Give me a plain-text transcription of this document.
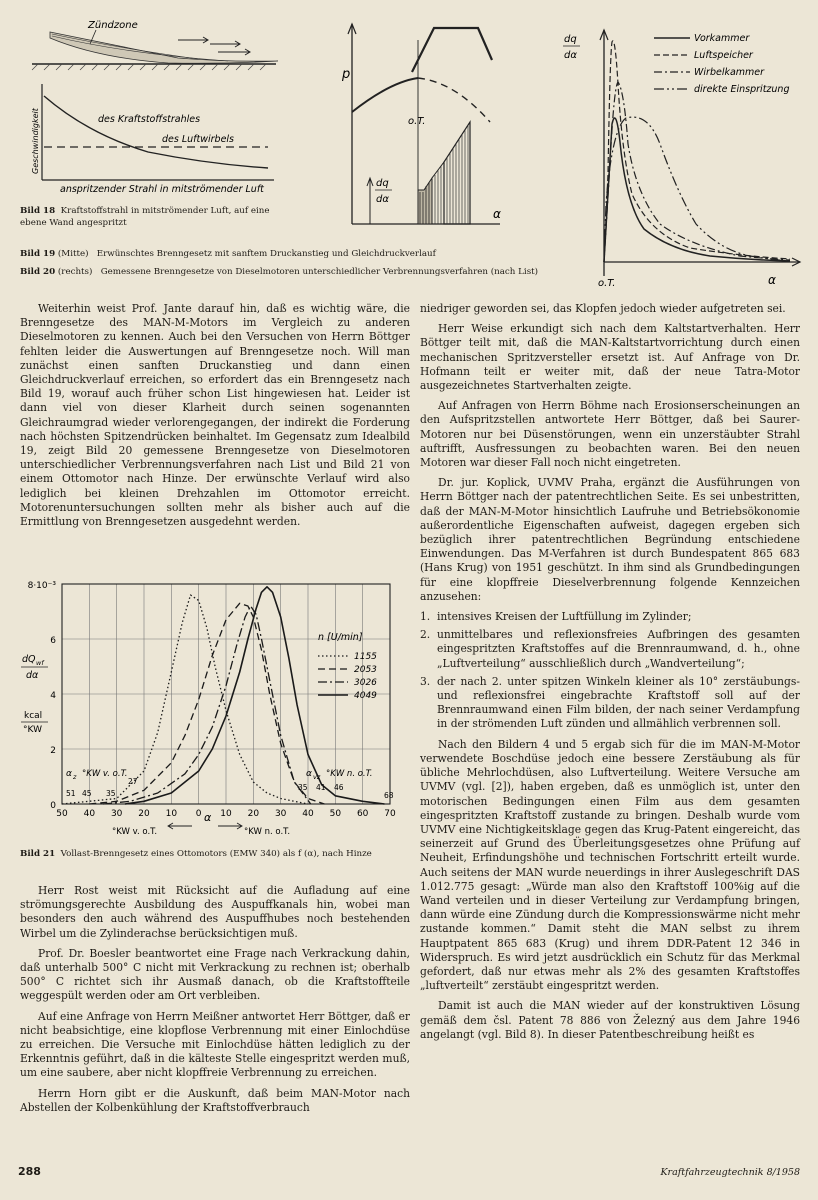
Zündzone
Geschwindigkeit	des Kraftstoffstrahles
des Luftwirbels
anspritzender Strahl in mitströmender Luft
Bild 18 Kraftstoffstrahl in mitströmender Luft, auf eine ebene Wand angespritzt
p
o.T.
dq
dα
α
dq
dα
o.T.	α
Vorkammer
Luftspeicher
Wirbelkammer
direkte Einspritzung
Bild 19 (Mitte) Erwünschtes Brenngesetz mit sanftem Druckanstieg und Gleichdruckverlauf
Bild 20 (rechts) Gemessene Brenngesetze von Dieselmotoren unterschiedlicher Verbrennungsverfahren (nach List)

Weiterhin weist Prof. Jante darauf hin, daß es wichtig wäre, die Brenngesetze des MAN-M-Motors im Vergleich zu anderen Dieselmotoren zu kennen. Auch bei den Versuchen von Herrn Böttger fehlten leider die Auswertungen auf Brenngesetze noch. Will man zunächst einen sanften Druckanstieg und dann einen Gleichdruckverlauf erreichen, so erfordert das ein Brenngesetz nach Bild 19, worauf auch früher schon List hingewiesen hat. Leider ist dann viel von dieser Klarheit durch seinen sogenannten Gleichraumgrad wieder verlorengegangen, der indirekt die Forderung nach höchsten Spitzendrücken beinhaltet. Im Gegensatz zum Idealbild 19, zeigt Bild 20 gemessene Brenngesetze von Dieselmotoren unterschiedlicher Verbrennungsverfahren nach List und Bild 21 von einem Ottomotor nach Hinze. Der erwünschte Verlauf wird also lediglich bei kleinen Drehzahlen im Ottomotor erreicht. Motorenuntersuchungen sollten mehr als bisher auch auf die Ermittlung von Brenngesetzen ausgedehnt werden.

8·10⁻³
6
4
2
0
50 40 30 20 10 0 10 20 30 40 50 60 70
dQ wf
dα
kcal
°KW
α z °KW v. o.T.	α vz °KW n. o.T.
51 45 35
27
35 41 46
68
n [U/min]
1155
2053
3026
4049
α
°KW v. o.T.	°KW n. o.T.
Bild 21 Vollast-Brenngesetz eines Ottomotors (EMW 340) als f (α), nach Hinze

Herr Rost weist mit Rücksicht auf die Aufladung auf eine strömungsgerechte Ausbildung des Auspuffkanals hin, wobei man besonders den auch während des Auspuffhubes noch bestehenden Wirbel um die Zylinderachse berücksichtigen muß.

Prof. Dr. Boesler beantwortet eine Frage nach Verkrackung dahin, daß unterhalb 500° C nicht mit Verkrackung zu rechnen ist; oberhalb 500° C richtet sich ihr Ausmaß danach, ob die Kraftstoffteile weggespült werden oder am Ort verbleiben.

Auf eine Anfrage von Herrn Meißner antwortet Herr Böttger, daß er nicht beabsichtige, eine klopflose Verbrennung mit einer Einlochdüse zu erreichen. Die Versuche mit Einlochdüse hätten lediglich zu der Erkenntnis geführt, daß in die kälteste Stelle eingespritzt werden muß, um eine saubere, aber nicht klopffreie Verbrennung zu erreichen.

Herrn Horn gibt er die Auskunft, daß beim MAN-Motor nach Abstellen der Kolbenkühlung der Kraftstoffverbrauch

niedriger geworden sei, das Klopfen jedoch wieder aufgetreten sei.

Herr Weise erkundigt sich nach dem Kaltstartverhalten. Herr Böttger teilt mit, daß die MAN-Kaltstartvorrichtung durch einen mechanischen Spritzversteller ersetzt ist. Auf Anfrage von Dr. Hofmann teilt er weiter mit, daß der neue Tatra-Motor ausgezeichnetes Startverhalten zeigte.

Auf Anfragen von Herrn Böhme nach Erosionserscheinungen an den Aufspritzstellen antwortete Herr Böttger, daß bei Saurer-Motoren nur bei Düsenstörungen, wenn ein unzerstäubter Strahl auftrifft, Ausfressungen zu beobachten waren. Bei den neuen Motoren war dieser Fall noch nicht eingetreten.

Dr. jur. Koplick, UVMV Praha, ergänzt die Ausführungen von Herrn Böttger nach der patentrechtlichen Seite. Es sei unbestritten, daß der MAN-M-Motor hinsichtlich Laufruhe und Betriebsökonomie außerordentliche Eigenschaften aufweist, dagegen ergeben sich bezüglich ihrer patentrechtlichen Begründung entschiedene Einwendungen. Das M-Verfahren ist durch Bundespatent 865 683 (Hans Krug) von 1951 geschützt. In ihm sind als Grundbedingungen für eine klopffreie Dieselverbrennung folgende Kennzeichen anzusehen:

1. intensives Kreisen der Luftfüllung im Zylinder;
2. unmittelbares und reflexionsfreies Aufbringen des gesamten eingespritzten Kraftstoffes auf die Brennraumwand, d. h., ohne „Luftverteilung“ ausschließlich durch „Wandverteilung“;
3. der nach 2. unter spitzen Winkeln kleiner als 10° zerstäubungs- und reflexionsfrei eingebrachte Kraftstoff soll auf der Brennraumwand einen Film bilden, der nach seiner Verdampfung in der strömenden Luft zünden und allmählich verbrennen soll.

Nach den Bildern 4 und 5 ergab sich für die im MAN-M-Motor verwendete Boschdüse jedoch eine bessere Zerstäubung als für übliche Mehrlochdüsen, also Luftverteilung. Weitere Versuche am UVMV (vgl. [2]), haben ergeben, daß es unmöglich ist, unter den motorischen Bedingungen einen Film aus dem gesamten eingespritzten Kraftstoff zustande zu bringen. Deshalb wurde vom UVMV eine Nichtigkeitsklage gegen das Krug-Patent eingereicht, das seinerzeit auf Grund des Überleitungsgesetzes ohne Prüfung auf Neuheit, Erfindungshöhe und technischen Fortschritt erteilt wurde. Auch seitens der MAN wurde neuerdings in ihrer Auslegeschrift DAS 1.012.775 gesagt: „Würde man also den Kraftstoff 100%ig auf die Wand verteilen und in dieser Verteilung zur Verdampfung bringen, dann würde eine Zündung durch die Kompressionswärme nicht mehr zustande kommen.“ Damit steht die MAN selbst zu ihrem Hauptpatent 865 683 (Krug) und ihrem DDR-Patent 12 346 in Widerspruch. Es wird jetzt ausdrücklich ein Schutz für das Merkmal gefordert, daß nur etwas mehr als 2% des gesamten Kraftstoffes „luftverteilt“ zerstäubt eingespritzt werden.

Damit ist auch die MAN wieder auf der konstruktiven Lösung gemäß dem čsl. Patent 78 886 von Železný aus dem Jahre 1946 angelangt (vgl. Bild 8). In dieser Patentbeschreibung heißt es

288	Kraftfahrzeugtechnik 8/1958
